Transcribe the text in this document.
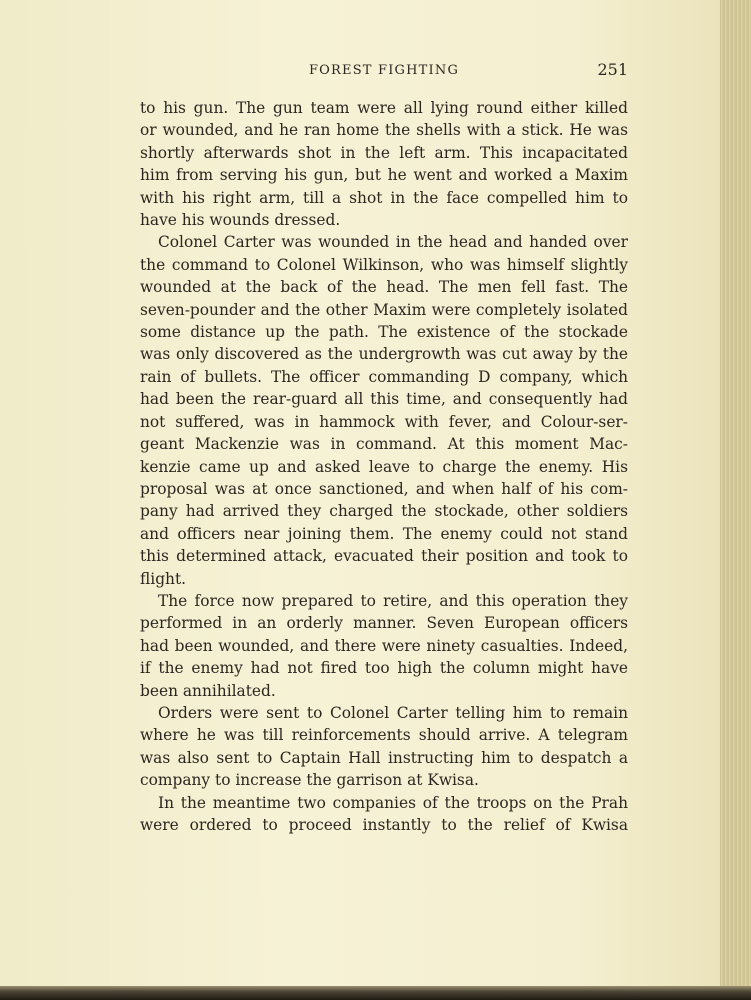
FOREST FIGHTING	251

to his gun. The gun team were all lying round either killed
or wounded, and he ran home the shells with a stick. He was
shortly afterwards shot in the left arm. This incapacitated
him from serving his gun, but he went and worked a Maxim
with his right arm, till a shot in the face compelled him to
have his wounds dressed.

Colonel Carter was wounded in the head and handed over
the command to Colonel Wilkinson, who was himself slightly
wounded at the back of the head. The men fell fast. The
seven-pounder and the other Maxim were completely isolated
some distance up the path. The existence of the stockade
was only discovered as the undergrowth was cut away by the
rain of bullets. The officer commanding D company, which
had been the rear-guard all this time, and consequently had
not suffered, was in hammock with fever, and Colour-ser-
geant Mackenzie was in command. At this moment Mac-
kenzie came up and asked leave to charge the enemy. His
proposal was at once sanctioned, and when half of his com-
pany had arrived they charged the stockade, other soldiers
and officers near joining them. The enemy could not stand
this determined attack, evacuated their position and took to
flight.

The force now prepared to retire, and this operation they
performed in an orderly manner. Seven European officers
had been wounded, and there were ninety casualties. Indeed,
if the enemy had not fired too high the column might have
been annihilated.

Orders were sent to Colonel Carter telling him to remain
where he was till reinforcements should arrive. A telegram
was also sent to Captain Hall instructing him to despatch a
company to increase the garrison at Kwisa.

In the meantime two companies of the troops on the Prah
were ordered to proceed instantly to the relief of Kwisa
